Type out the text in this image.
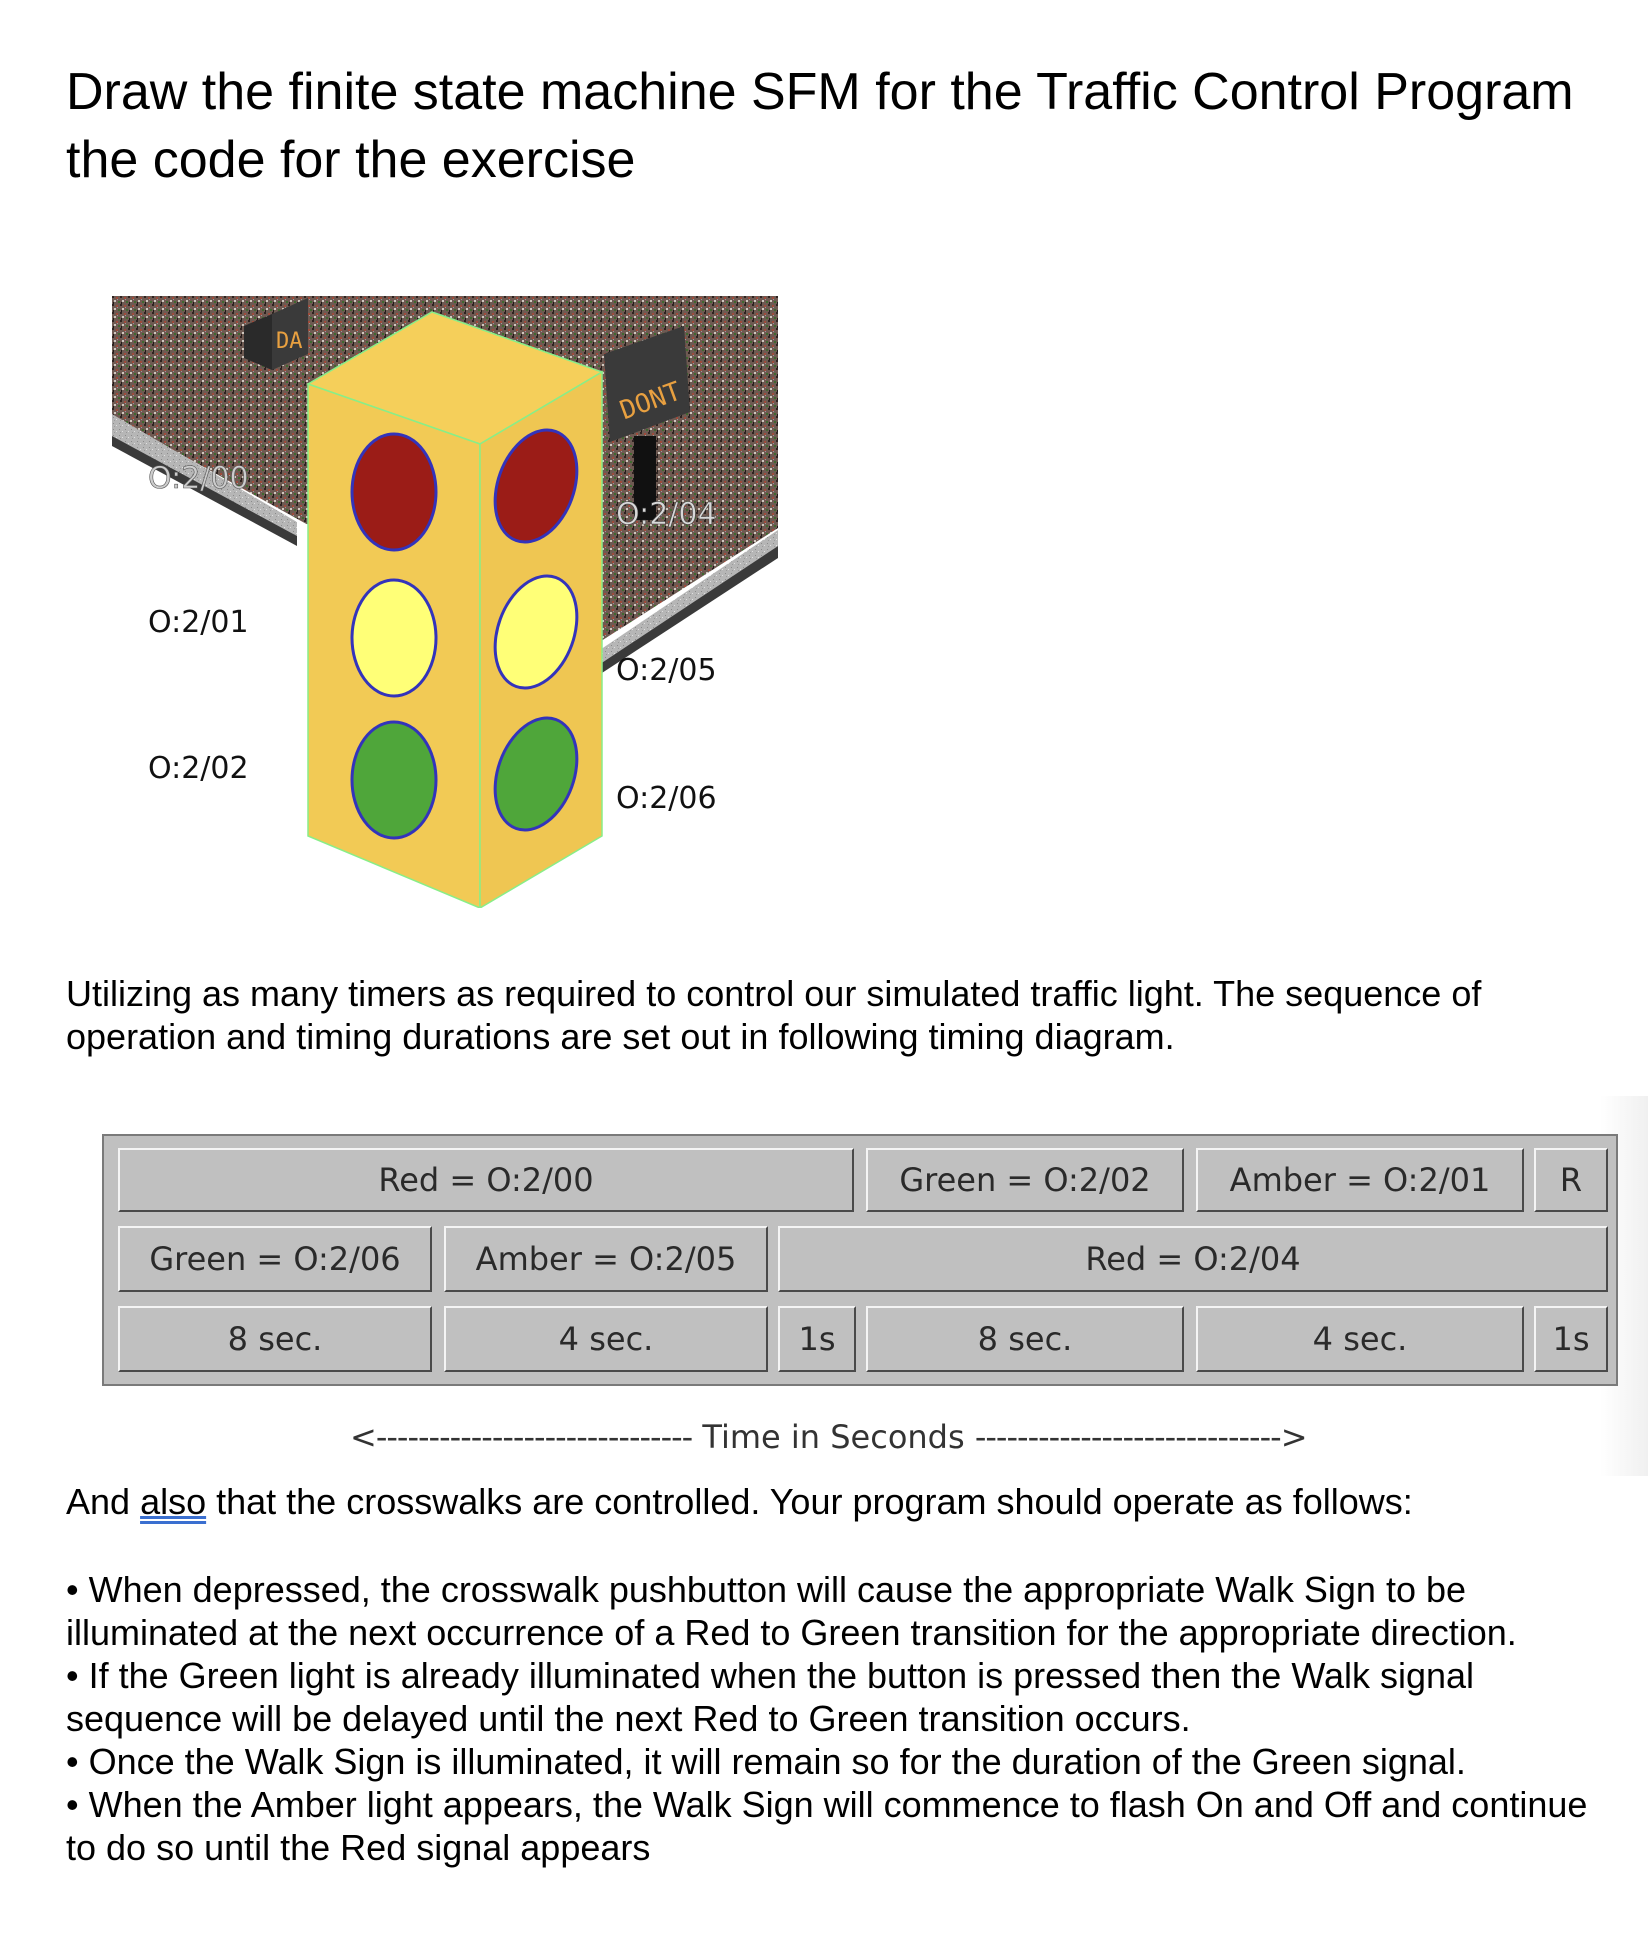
Draw the finite state machine SFM for the Traffic Control Program the code for the exercise
DA
DONT
O:2/00
O:2/01
O:2/02
O:2/04
O:2/05
O:2/06
Utilizing as many timers as required to control our simulated traffic light. The sequence of operation and timing durations are set out in following timing diagram.
Red = O:2/00	Green = O:2/02	Amber = O:2/01	R
Green = O:2/06	Amber = O:2/05	Red = O:2/04
8 sec.	4 sec.	1s	8 sec.	4 sec.	1s
<------------------------------ Time in Seconds ----------------------------->
And also that the crosswalks are controlled. Your program should operate as follows:
• When depressed, the crosswalk pushbutton will cause the appropriate Walk Sign to be illuminated at the next occurrence of a Red to Green transition for the appropriate direction.
• If the Green light is already illuminated when the button is pressed then the Walk signal sequence will be delayed until the next Red to Green transition occurs.
• Once the Walk Sign is illuminated, it will remain so for the duration of the Green signal.
• When the Amber light appears, the Walk Sign will commence to flash On and Off and continue to do so until the Red signal appears
